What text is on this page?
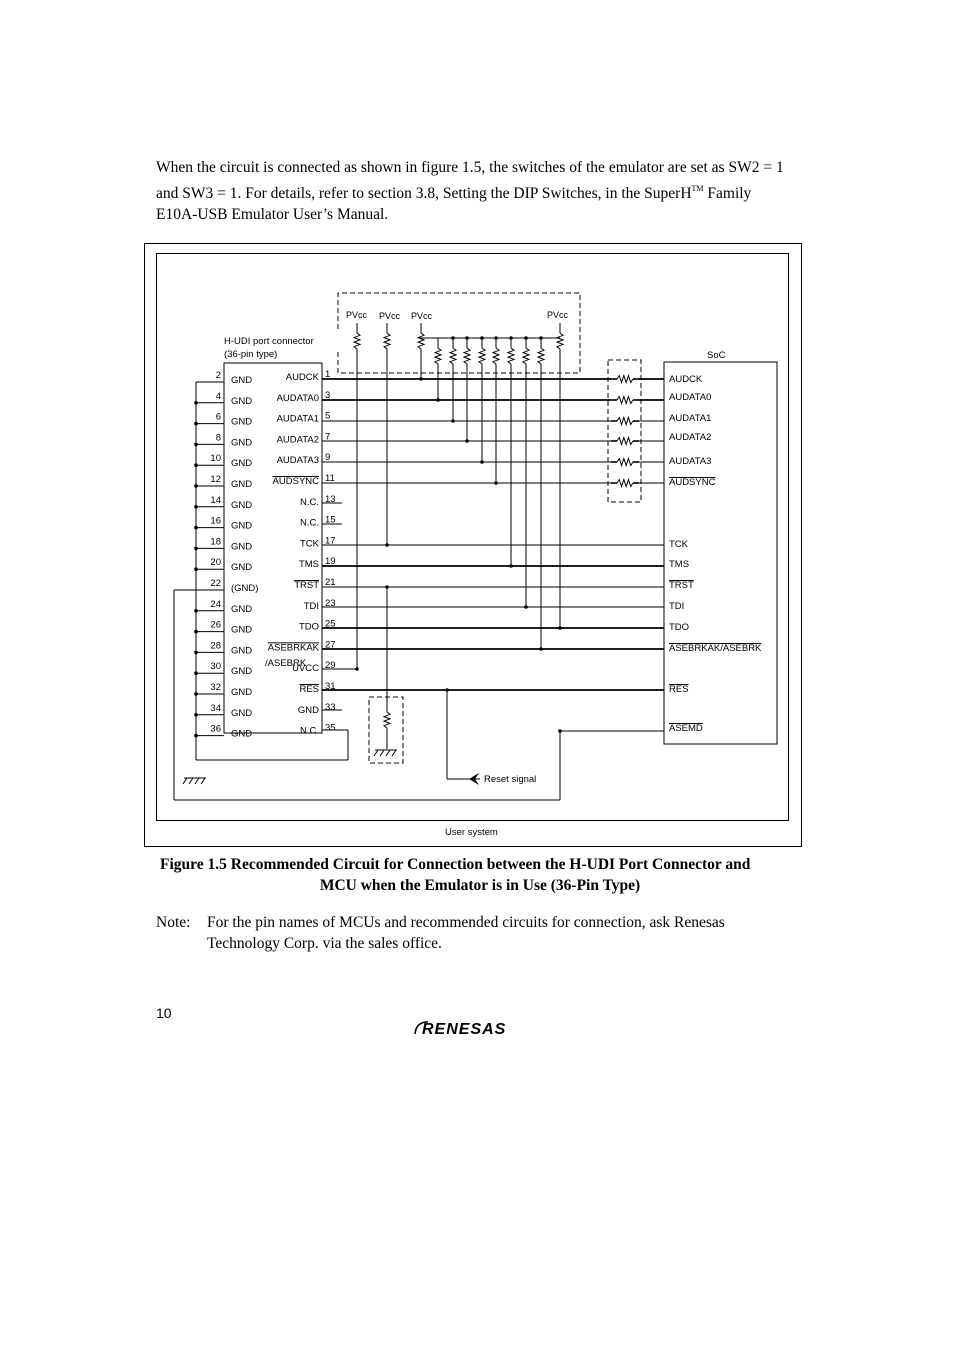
When the circuit is connected as shown in figure 1.5, the switches of the emulator are set as SW2 = 1 and SW3 = 1. For details, refer to section 3.8, Setting the DIP Switches, in the SuperH™ Family E10A-USB Emulator User’s Manual.
H-UDI port connector
(36-pin type)	SoC
PVcc PVcc PVcc	PVcc
/ASEBRK
Reset signal
User system
2 GND	AUDCK 1
4 GND	AUDATA0 3
6 GND	AUDATA1 5
8 GND	AUDATA2 7
10 GND	AUDATA3 9
12 GND AUDSYNC 11
14 GND	N.C. 13
16 GND	N.C. 15
18 GND	TCK 17
20 GND	TMS 19
22 (GND)	TRST 21
24 GND	TDI 23
26 GND	TDO 25
28 GND ASEBRKAK 27
30 GND	UVCC 29
32 GND	RES 31
34 GND	GND 33
36 GND	N.C. 35
AUDCK
AUDATA0
AUDATA1
AUDATA2
AUDATA3
AUDSYNC
TCK
TMS
TRST
TDI
TDO
ASEBRKAK/ASEBRK
RES
ASEMD
Figure 1.5 Recommended Circuit for Connection between the H-UDI Port Connector and
MCU when the Emulator is in Use (36-Pin Type)
Note: For the pin names of MCUs and recommended circuits for connection, ask Renesas Technology Corp. via the sales office.
10
RENESAS
